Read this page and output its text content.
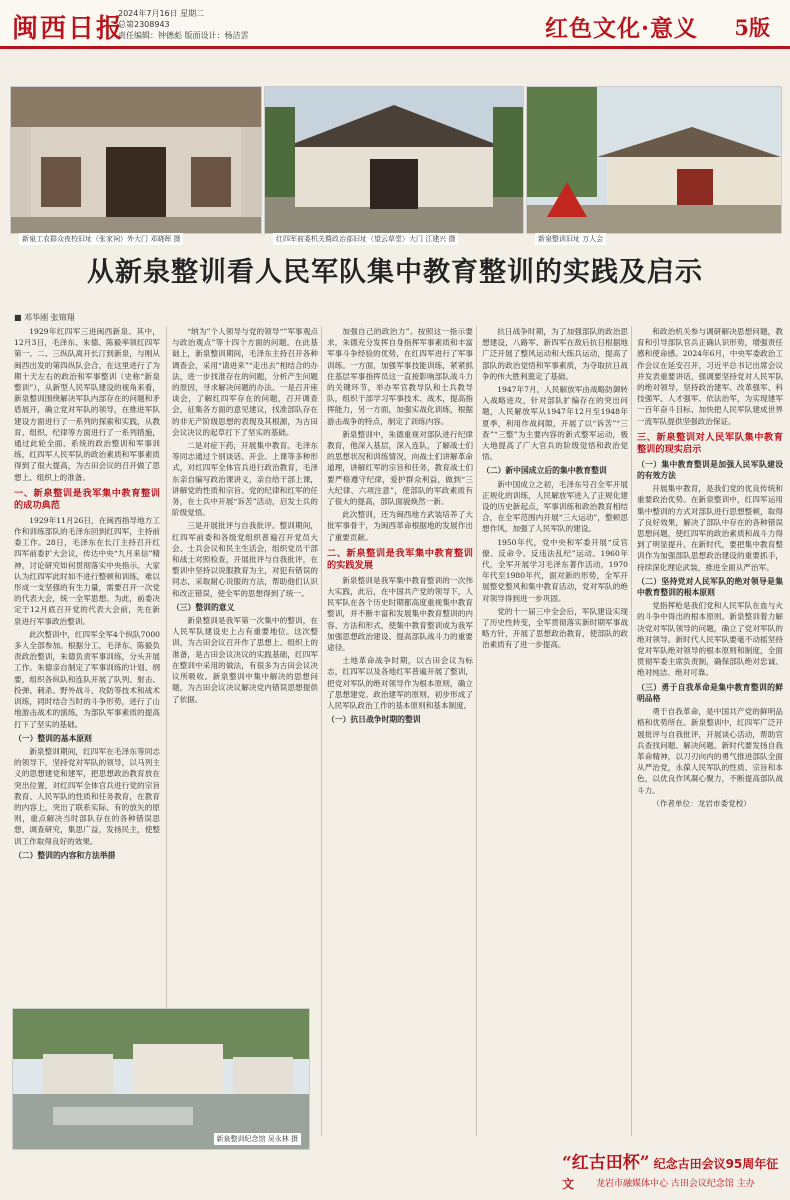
闽西日报
2024年7月16日 星期二
总第2308943
责任编辑：钟德彪 版面设计：杨洁雲	红色文化·意义 5版
新泉工农群众夜校旧址（张家祠）外大门 邓晓晖 摄	红四军前委机关暨政治部旧址（望云草堂）大门 江建兴 摄	新泉整训旧址 万人会
从新泉整训看人民军队集中教育整训的实践及启示
■ 邓华刚 张锦翔

1929年红四军三进闽西新泉。其中，12月3日，毛泽东、朱德、陈毅率领红四军第一、二、三纵队离开长汀到新泉，与刚从闽西出发的第四纵队会合，在这里进行了为期十天左右的政治和军事整训（史称“新泉整训”），从新型人民军队建设的视角来看，新泉整训围绕解决军队内部存在的问题和矛盾展开，确立党对军队的领导，在推进军队建设方面进行了一系列的探索和实践，从教育、组织、纪律等方面进行了一系列措施，通过此轮全面、系统的政治整训和军事训练，红四军人民军队的政治素质和军事素质得到了很大提高，为古田会议的召开做了思想上、组织上的准备。

一、新泉整训是我军集中教育整训的成功典范

1929年11月26日，在闽西指导地方工作和训练部队的毛泽东回到红四军，主持前委工作。28日，毛泽东在长汀主持召开红四军前委扩大会议，传达中央“九月来信”精神，讨论研究如何贯彻落实中央指示。大家认为红四军此时如不进行整顿和训练，难以形成一支坚强的有生力量，需要召开一次党的代表大会，统一全军思想。为此，前委决定于12月底召开党的代表大会前，先在新泉进行军事政治整训。

此次整训中，红四军全军4个纵队7000多人全部参加。根据分工，毛泽东、陈毅负责政治整训，朱德负责军事训练，分头开展工作。朱德亲自制定了军事训练的计划、纲要，组织各纵队和连队开展了队列、射击、投弹、刺杀、野外战斗、攻防等技术和战术训练，同时结合当时的斗争形势，进行了山地游击战术的演练，为部队军事素质的提高打下了坚实的基础。

（一）整训的基本原则

新泉整训期间，红四军在毛泽东等同志的领导下，坚持党对军队的领导，以马列主义的思想建党和建军，把思想政治教育放在突出位置，对红四军全体官兵进行党的宗旨教育、人民军队的性质和任务教育，在教育的内容上，突出了联系实际、有的放矢的原则，重点解决当时部队存在的各种错误思想，调查研究，集思广益，发扬民主，使整训工作取得良好的效果。

（二）整训的内容和方法举措

“纳为”个人领导与党的领导“”军事观点与政治观点”等十四个方面的问题。在此基础上，新泉整训期间，毛泽东主持召开各种调查会，采用“请进来”“走出去”相结合的办法，进一步找准存在的问题，分析产生问题的原因，寻求解决问题的办法。一是召开座谈会，了解红四军存在的问题，召开调查会，征集各方面的意见建议，找准部队存在的非无产阶级思想的表现及其根源，为古田会议决议的起草打下了坚实的基础。

二是对症下药，开展集中教育。毛泽东等同志通过个别谈话、开会、上课等多种形式，对红四军全体官兵进行政治教育，毛泽东亲自编写政治课讲义，亲自给干部上课，讲解党的性质和宗旨、党的纪律和红军的任务，在士兵中开展“诉苦”活动，启发士兵的阶级觉悟。

三是开展批评与自我批评。整训期间，红四军前委和各级党组织普遍召开党员大会、士兵会议和民主生活会，组织党员干部和战士对照检查，开展批评与自我批评，在整训中坚持以说服教育为主，对犯有错误的同志，采取耐心说服的方法，帮助他们认识和改正错误，使全军的思想得到了统一。

（三）整训的意义

新泉整训是我军第一次集中的整训，在人民军队建设史上占有重要地位。这次整训，为古田会议召开作了思想上、组织上的准备，是古田会议决议的实践基础，红四军在整训中采用的做法，有很多为古田会议决议所吸收。新泉整训中集中解决的思想问题，为古田会议决议解决党内错误思想提供了依据。

加强自己的政治力”。按照这一指示要求，朱德充分发挥自身指挥军事素质和丰富军事斗争经验的优势，在红四军进行了军事训练。一方面，加强军事技能训练，紧紧抓住基层军事指挥员这一直接影响部队战斗力的关键环节，举办军官教导队和士兵教导队，组织干部学习军事技术、战术，提高指挥能力，另一方面，加强实战化训练，根据游击战争的特点，制定了训练内容。

新泉整训中，朱德重视对部队进行纪律教育，他深入基层，深入连队，了解战士们的思想状况和训练情况，向战士们讲解革命道理，讲解红军的宗旨和任务，教育战士们要严格遵守纪律，爱护群众利益，做到“三大纪律、六项注意”，使部队的军政素质有了很大的提高，部队面貌焕然一新。

此次整训，还为闽西地方武装培养了大批军事骨干，为闽西革命根据地的发展作出了重要贡献。

二、新泉整训是我军集中教育整训的实践发展

新泉整训是我军集中教育整训的一次伟大实践，此后，在中国共产党的领导下，人民军队在各个历史时期都高度重视集中教育整训，并不断丰富和发展集中教育整训的内容、方法和形式，使集中教育整训成为我军加强思想政治建设、提高部队战斗力的重要途径。

土地革命战争时期，以古田会议为标志，红四军以及各地红军普遍开展了整训，把党对军队的绝对领导作为根本原则，确立了思想建党、政治建军的原则，初步形成了人民军队政治工作的基本原则和基本制度。

（一）抗日战争时期的整训

抗日战争时期，为了加强部队的政治思想建设，八路军、新四军在敌后抗日根据地广泛开展了整风运动和大练兵运动，提高了部队的政治觉悟和军事素质，为夺取抗日战争的伟大胜利奠定了基础。

1947年7月，人民解放军由战略防御转入战略进攻，针对部队扩编存在的突出问题，人民解放军从1947年12月至1948年夏季，利用作战间隙，开展了以“诉苦”“三查”“三整”为主要内容的新式整军运动，极大地提高了广大官兵的阶级觉悟和政治觉悟。

（二）新中国成立后的集中教育整训

新中国成立之初，毛泽东号召全军开展正规化的训练，人民解放军进入了正规化建设的历史新起点，军事训练和政治教育相结合，在全军范围内开展“三大运动”，整顿思想作风，加强了人民军队的建设。

1950年代，党中央和军委开展“反官僚、反命令、反违法乱纪”运动。1960年代，全军开展学习毛泽东著作活动，1970年代至1980年代，面对新的形势，全军开展整党整风和集中教育活动，党对军队的绝对领导得到进一步巩固。

党的十一届三中全会后，军队建设实现了历史性转变，全军贯彻落实新时期军事战略方针，开展了思想政治教育，使部队的政治素质有了进一步提高。

和政治机关参与调研解决思想问题，教育和引导部队官兵正确认识形势，增强责任感和使命感。2024年6月，中央军委政治工作会议在延安召开，习近平总书记出席会议并发表重要讲话，强调要坚持党对人民军队的绝对领导，坚持政治建军、改革强军、科技强军、人才强军、依法治军，为实现建军一百年奋斗目标、加快把人民军队建成世界一流军队提供坚强政治保证。

三、新泉整训对人民军队集中教育整训的现实启示
（一）集中教育整训是加强人民军队建设的有效方法

开展集中教育，是我们党的优良传统和重要政治优势。在新泉整训中，红四军运用集中整训的方式对部队进行思想整顿，取得了良好效果，解决了部队中存在的各种错误思想问题，使红四军的政治素质和战斗力得到了明显提升。在新时代，要把集中教育整训作为加强部队思想政治建设的重要抓手，持续深化理论武装，推进全面从严治军。

（二）坚持党对人民军队的绝对领导是集中教育整训的根本原则

党指挥枪是我们党和人民军队在血与火的斗争中得出的根本原则。新泉整训着力解决党对军队领导的问题，确立了党对军队的绝对领导。新时代人民军队要毫不动摇坚持党对军队绝对领导的根本原则和制度，全面贯彻军委主席负责制，确保部队绝对忠诚、绝对纯洁、绝对可靠。

（三）勇于自我革命是集中教育整训的鲜明品格

勇于自我革命，是中国共产党的鲜明品格和优势所在。新泉整训中，红四军广泛开展批评与自我批评，开展谈心活动，帮助官兵查找问题、解决问题。新时代要发扬自我革命精神，以刀刃向内的勇气推进部队全面从严治党，永葆人民军队的性质、宗旨和本色，以优良作风凝心聚力，不断提高部队战斗力。

（作者单位：龙岩市委党校）

新泉整训纪念馆 吴永林 摄
“红古田杯” 纪念古田会议95周年征文	龙岩市融媒体中心 古田会议纪念馆 主办
